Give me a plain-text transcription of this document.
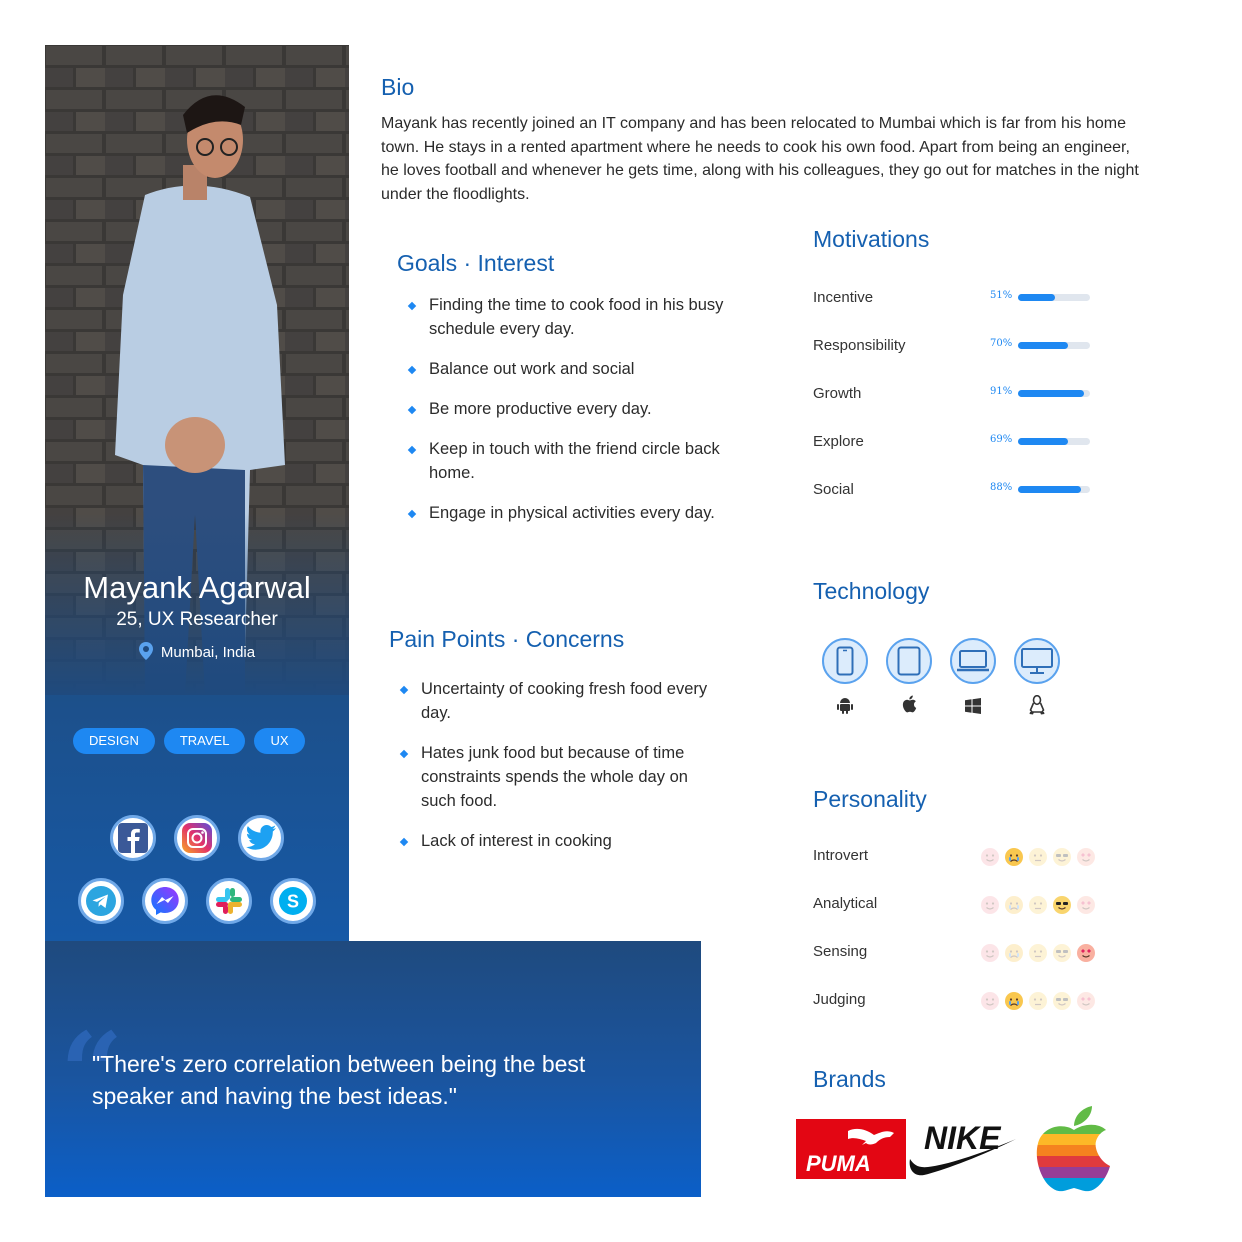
Mayank Agarwal
25, UX Researcher
Mumbai, India
DESIGN	TRAVEL	UX
S
“
"There's zero correlation between being the best speaker and having the best ideas."
Bio
Mayank has recently joined an IT company and has been relocated to Mumbai which is far from his home town. He stays in a rented apartment where he needs to cook his own food. Apart from being an engineer, he loves football and whenever he gets time, along with his colleagues, they go out for matches in the night under the floodlights.
Goals · Interest
Finding the time to cook food in his busy schedule every day.
Balance out work and social
Be more productive every day.
Keep in touch with the friend circle back home.
Engage in physical activities every day.
Pain Points · Concerns
Uncertainty of cooking fresh food every day.
Hates junk food but because of time constraints spends the whole day on such food.
Lack of interest in cooking
Motivations
Incentive	51%
Responsibility	70%
Growth	91%
Explore	69%
Social	88%
Technology
Personality
Introvert
Analytical
Sensing
Judging
Brands
PUMA
NIKE
